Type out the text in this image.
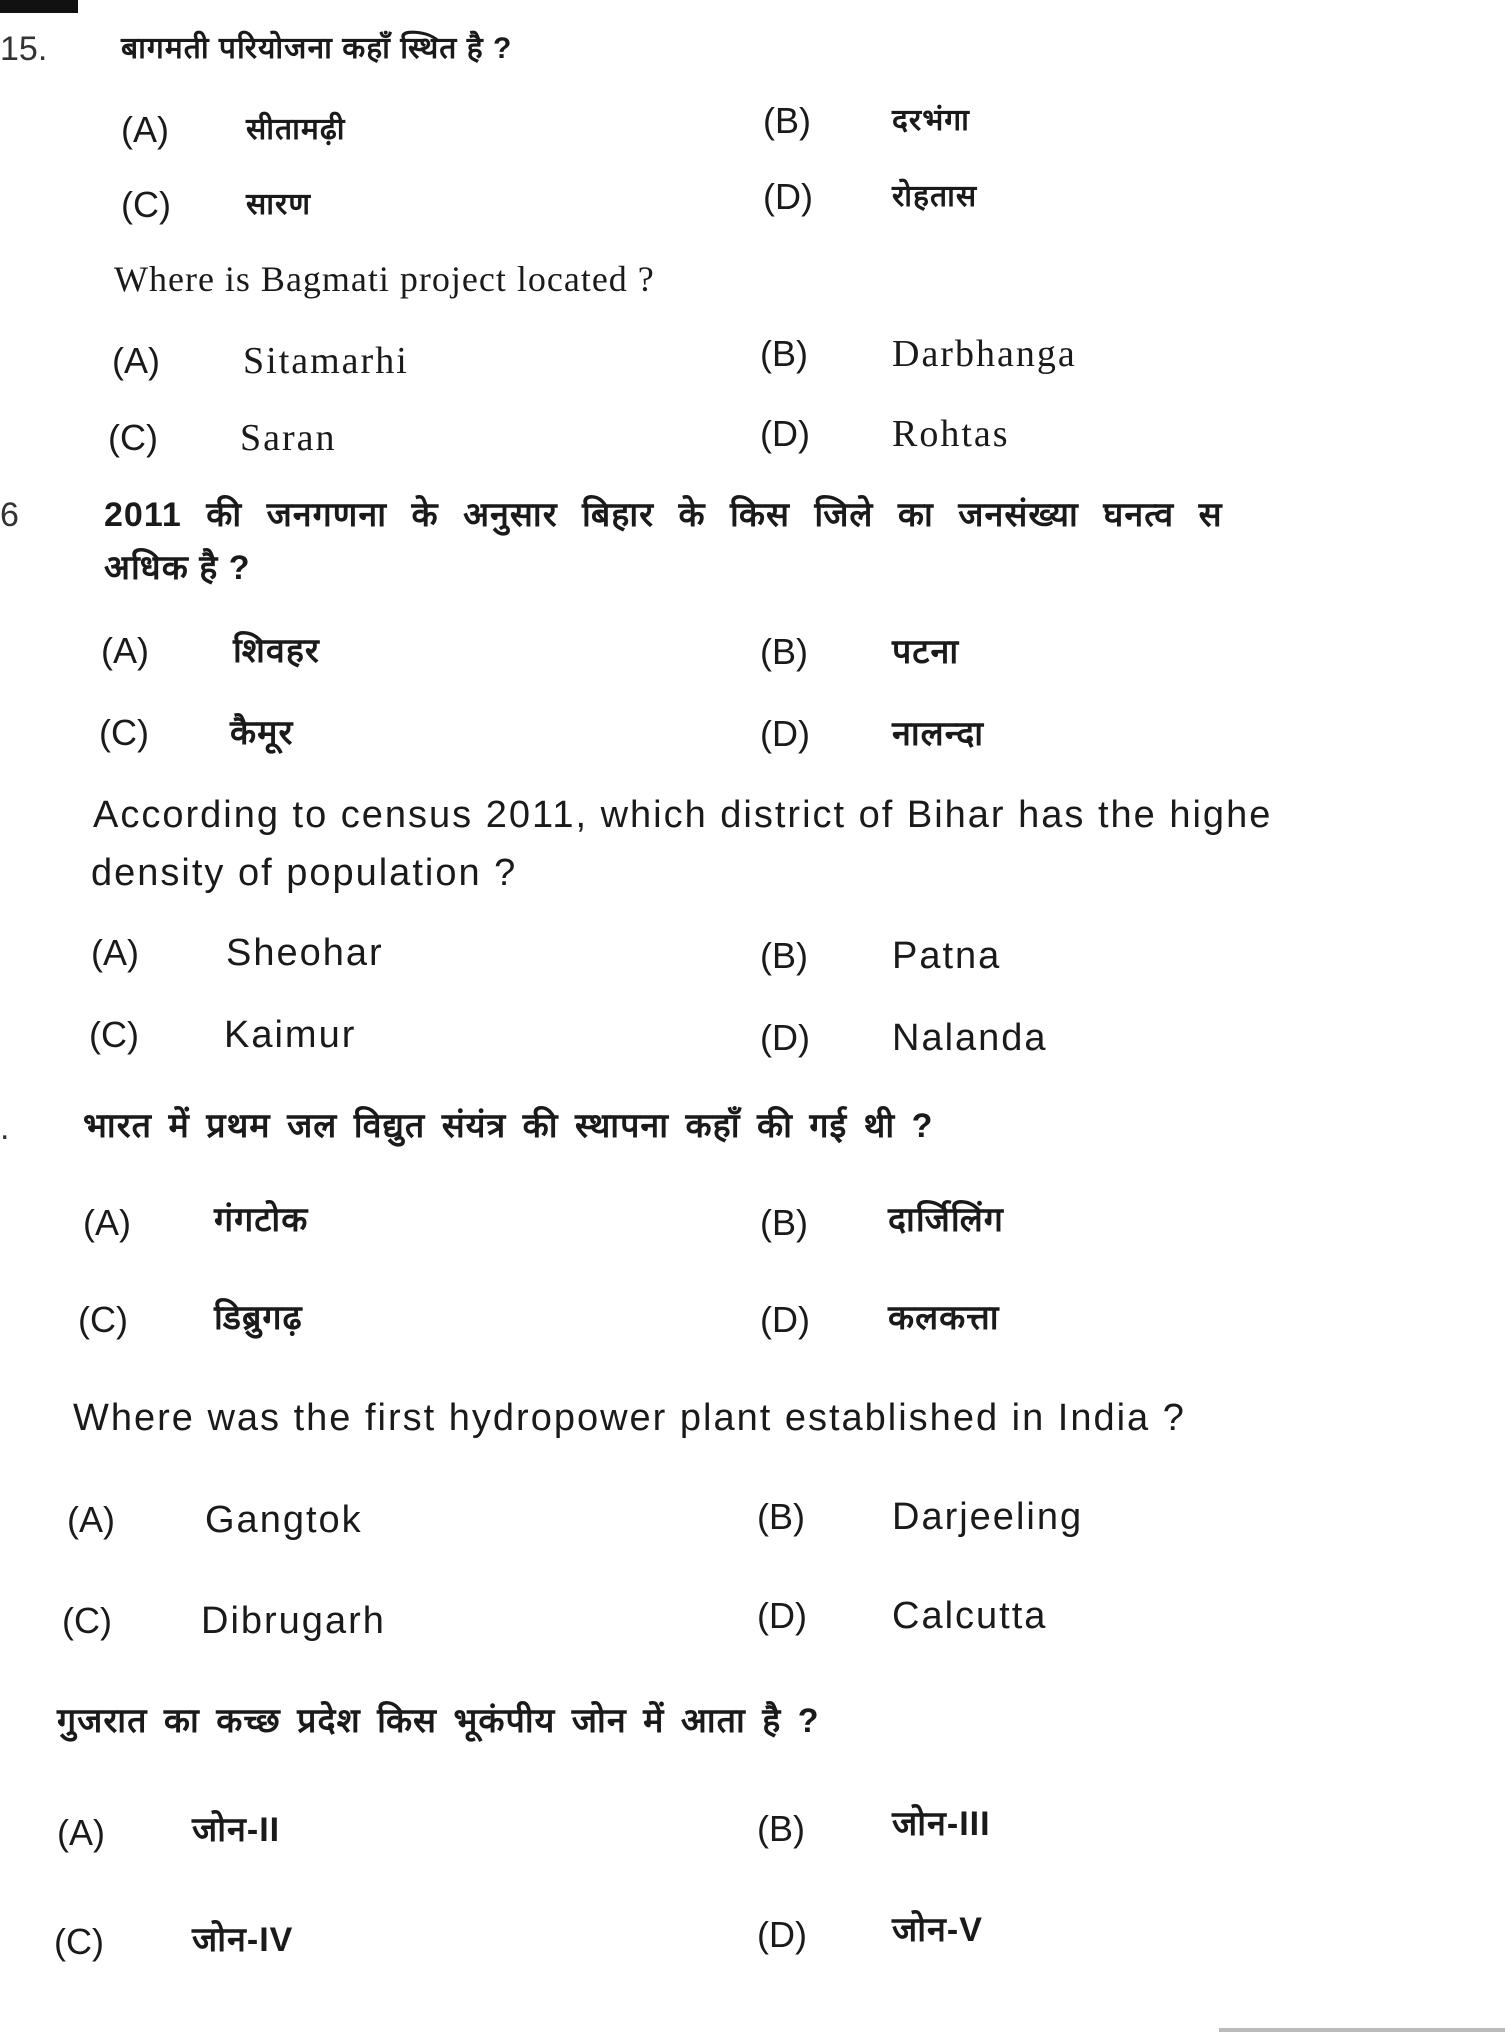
15. बागमती परियोजना कहाँ स्थित है ?
(A)	सीतामढ़ी	(B)	दरभंगा
(C)	सारण	(D)	रोहतास
Where is Bagmati project located ?
(A) Sitamarhi	(B) Darbhanga
(C) Saran	(D) Rohtas
6	2011 की जनगणना के अनुसार बिहार के किस जिले का जनसंख्या घनत्व स
अधिक है ?
(A) शिवहर	(B) पटना
(C) कैमूर	(D) नालन्दा
According to census 2011, which district of Bihar has the highe
density of population ?
(A) Sheohar	(B) Patna
(C) Kaimur	(D) Nalanda
. भारत में प्रथम जल विद्युत संयंत्र की स्थापना कहाँ की गई थी ?
(A) गंगटोक	(B) दार्जिलिंग
(C)	डिब्रुगढ़	(D) कलकत्ता
Where was the first hydropower plant established in India ?
(A) Gangtok	(B) Darjeeling
(C) Dibrugarh	(D) Calcutta
गुजरात का कच्छ प्रदेश किस भूकंपीय जोन में आता है ?
(A)	जोन-II	(B)	जोन-III
(C)	जोन-IV	(D)	जोन-V
